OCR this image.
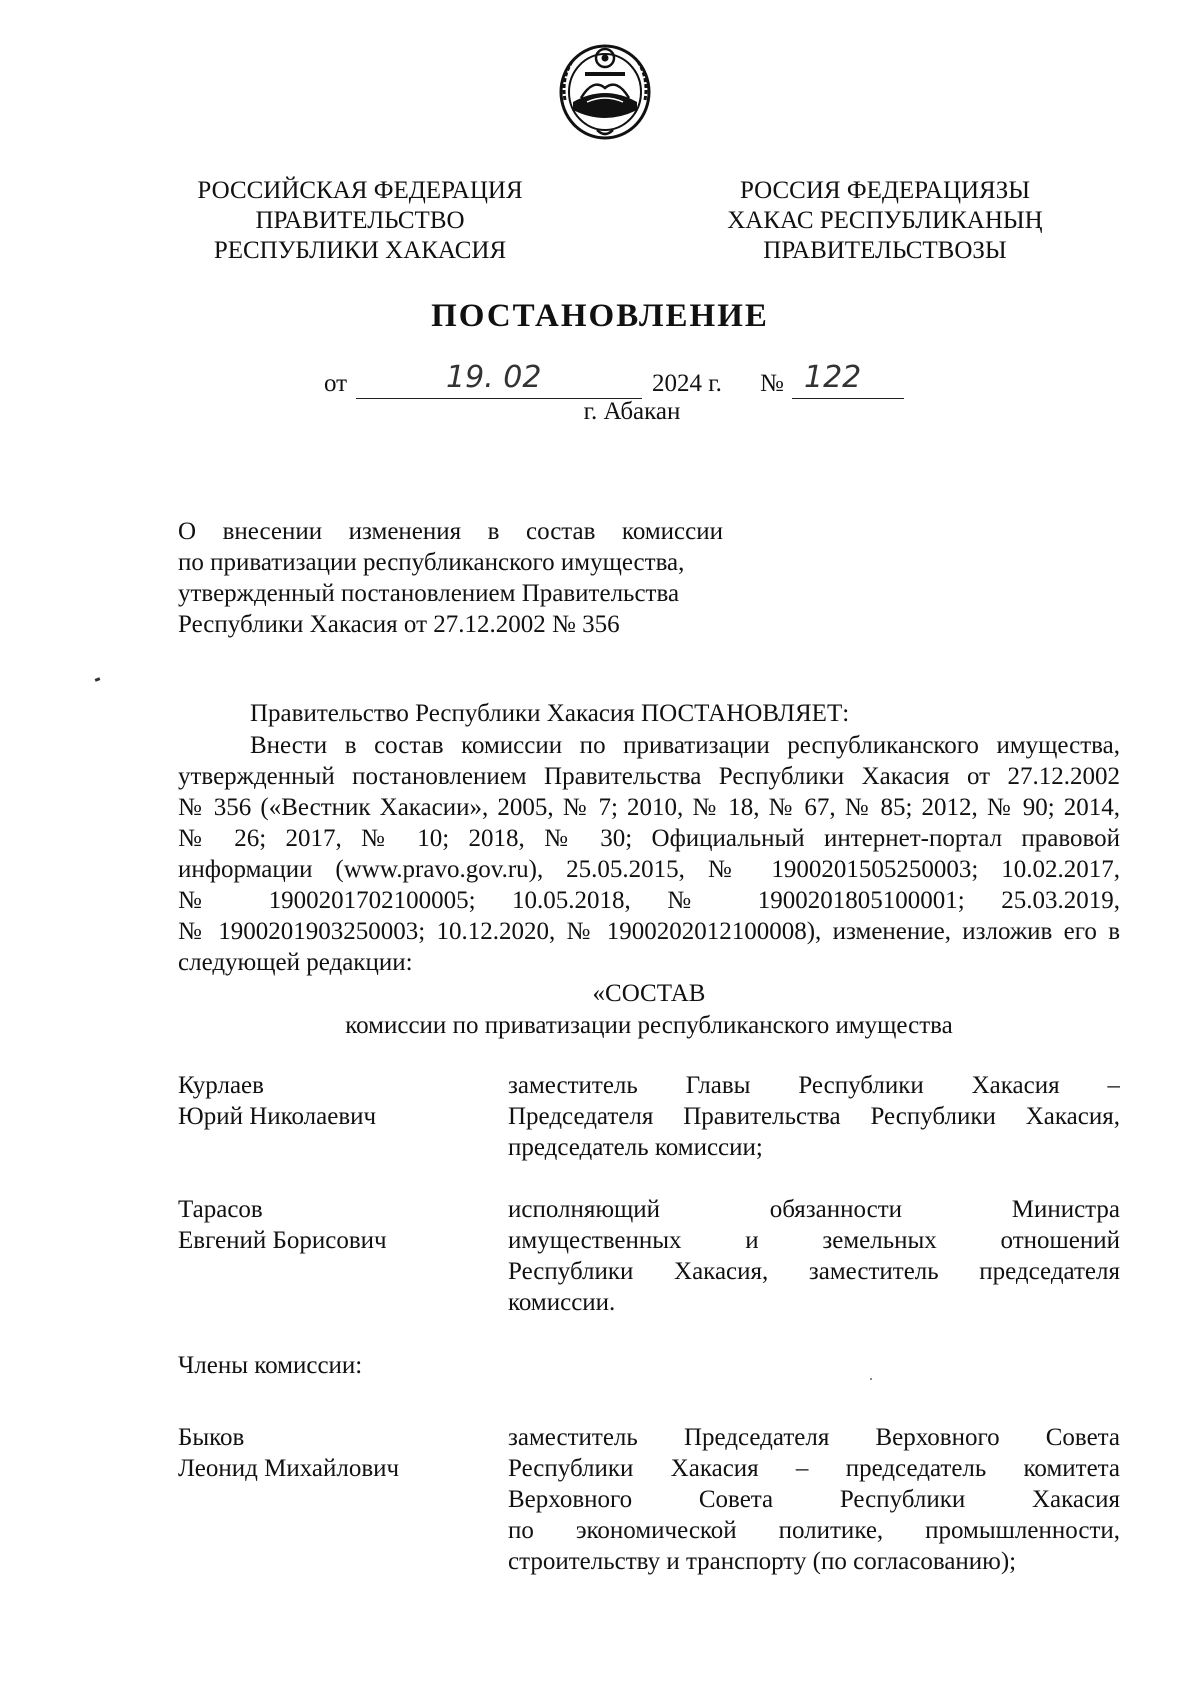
РОССИЙСКАЯ ФЕДЕРАЦИЯ
ПРАВИТЕЛЬСТВО
РЕСПУБЛИКИ ХАКАСИЯ
РОССИЯ ФЕДЕРАЦИЯЗЫ
ХАКАС РЕСПУБЛИКАНЫҢ
ПРАВИТЕЛЬСТВОЗЫ
ПОСТАНОВЛЕНИЕ
от	19. 02	2024 г. № 122
г. Абакан
О внесении изменения в состав комиссии
по приватизации республиканского имущества,
утвержденный постановлением Правительства
Республики Хакасия от 27.12.2002 № 356
Правительство Республики Хакасия ПОСТАНОВЛЯЕТ:
Внести в состав комиссии по приватизации республиканского имущества,
утвержденный постановлением Правительства Республики Хакасия от 27.12.2002
№ 356 («Вестник Хакасии», 2005, № 7; 2010, № 18, № 67, № 85; 2012, № 90; 2014,
№ 26; 2017, № 10; 2018, № 30; Официальный интернет-портал правовой
информации (www.pravo.gov.ru), 25.05.2015, № 1900201505250003; 10.02.2017,
№ 1900201702100005; 10.05.2018, № 1900201805100001; 25.03.2019,
№ 1900201903250003; 10.12.2020, № 1900202012100008), изменение, изложив его в
следующей редакции:
«СОСТАВ
комиссии по приватизации республиканского имущества
Курлаев
Юрий Николаевич
заместитель Главы Республики Хакасия –
Председателя Правительства Республики Хакасия,
председатель комиссии;
Тарасов
Евгений Борисович
исполняющий обязанности Министра
имущественных и земельных отношений
Республики Хакасия, заместитель председателя
комиссии.
Члены комиссии:
Быков
Леонид Михайлович
заместитель Председателя Верховного Совета
Республики Хакасия – председатель комитета
Верховного Совета Республики Хакасия
по экономической политике, промышленности,
строительству и транспорту (по согласованию);
